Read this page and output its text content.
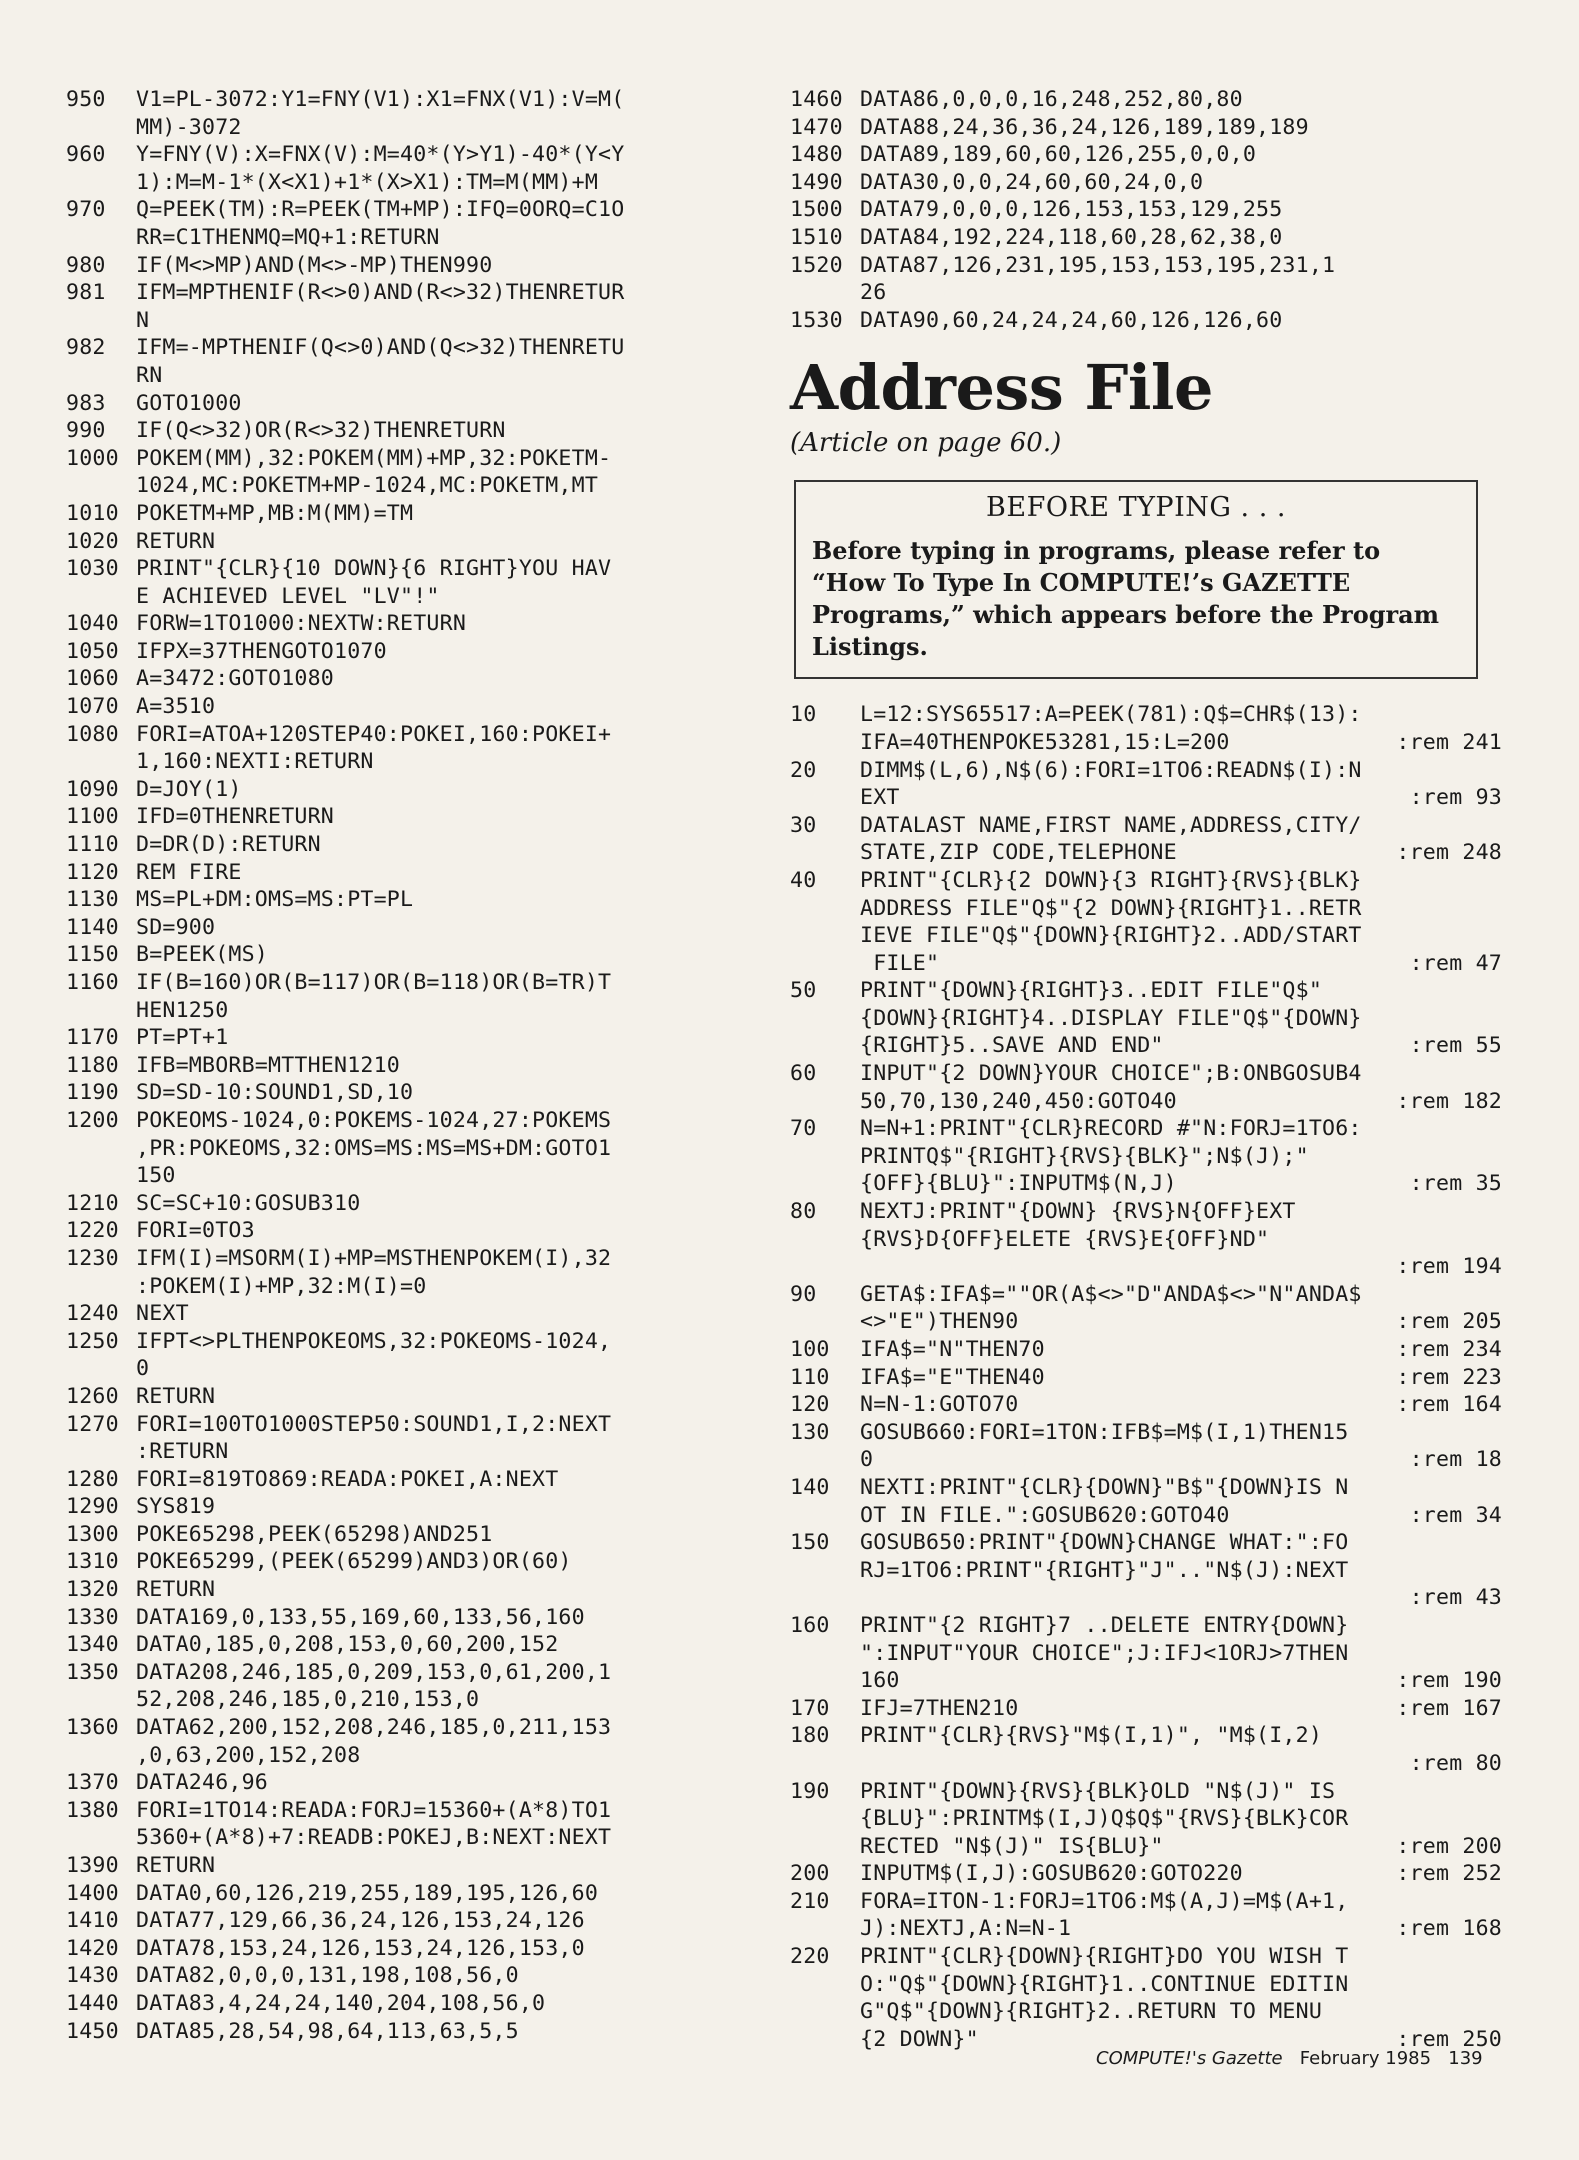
950	V1=PL-3072:Y1=FNY(V1):X1=FNX(V1):V=M(
MM)-3072
960	Y=FNY(V):X=FNX(V):M=40*(Y>Y1)-40*(Y<Y
1):M=M-1*(X<X1)+1*(X>X1):TM=M(MM)+M
970	Q=PEEK(TM):R=PEEK(TM+MP):IFQ=0ORQ=C1O
RR=C1THENMQ=MQ+1:RETURN
980	IF(M<>MP)AND(M<>-MP)THEN990
981	IFM=MPTHENIF(R<>0)AND(R<>32)THENRETUR
N
982	IFM=-MPTHENIF(Q<>0)AND(Q<>32)THENRETU
RN
983	GOTO1000
990	IF(Q<>32)OR(R<>32)THENRETURN
1000 POKEM(MM),32:POKEM(MM)+MP,32:POKETM-
1024,MC:POKETM+MP-1024,MC:POKETM,MT
1010 POKETM+MP,MB:M(MM)=TM
1020 RETURN
1030 PRINT"{CLR}{10 DOWN}{6 RIGHT}YOU HAV
E ACHIEVED LEVEL "LV"!"
1040 FORW=1TO1000:NEXTW:RETURN
1050 IFPX=37THENGOTO1070
1060 A=3472:GOTO1080
1070 A=3510
1080 FORI=ATOA+120STEP40:POKEI,160:POKEI+
1,160:NEXTI:RETURN
1090 D=JOY(1)
1100 IFD=0THENRETURN
1110 D=DR(D):RETURN
1120 REM FIRE
1130 MS=PL+DM:OMS=MS:PT=PL
1140 SD=900
1150 B=PEEK(MS)
1160 IF(B=160)OR(B=117)OR(B=118)OR(B=TR)T
HEN1250
1170 PT=PT+1
1180 IFB=MBORB=MTTHEN1210
1190 SD=SD-10:SOUND1,SD,10
1200 POKEOMS-1024,0:POKEMS-1024,27:POKEMS
,PR:POKEOMS,32:OMS=MS:MS=MS+DM:GOTO1
150
1210 SC=SC+10:GOSUB310
1220 FORI=0TO3
1230 IFM(I)=MSORM(I)+MP=MSTHENPOKEM(I),32
:POKEM(I)+MP,32:M(I)=0
1240 NEXT
1250 IFPT<>PLTHENPOKEOMS,32:POKEOMS-1024,
0
1260 RETURN
1270 FORI=100TO1000STEP50:SOUND1,I,2:NEXT
:RETURN
1280 FORI=819TO869:READA:POKEI,A:NEXT
1290 SYS819
1300 POKE65298,PEEK(65298)AND251
1310 POKE65299,(PEEK(65299)AND3)OR(60)
1320 RETURN
1330 DATA169,0,133,55,169,60,133,56,160
1340 DATA0,185,0,208,153,0,60,200,152
1350 DATA208,246,185,0,209,153,0,61,200,1
52,208,246,185,0,210,153,0
1360 DATA62,200,152,208,246,185,0,211,153
,0,63,200,152,208
1370 DATA246,96
1380 FORI=1TO14:READA:FORJ=15360+(A*8)TO1
5360+(A*8)+7:READB:POKEJ,B:NEXT:NEXT
1390 RETURN
1400 DATA0,60,126,219,255,189,195,126,60
1410 DATA77,129,66,36,24,126,153,24,126
1420 DATA78,153,24,126,153,24,126,153,0
1430 DATA82,0,0,0,131,198,108,56,0
1440 DATA83,4,24,24,140,204,108,56,0
1450 DATA85,28,54,98,64,113,63,5,5
1460 DATA86,0,0,0,16,248,252,80,80
1470 DATA88,24,36,36,24,126,189,189,189
1480 DATA89,189,60,60,126,255,0,0,0
1490 DATA30,0,0,24,60,60,24,0,0
1500 DATA79,0,0,0,126,153,153,129,255
1510 DATA84,192,224,118,60,28,62,38,0
1520 DATA87,126,231,195,153,153,195,231,1
26
1530 DATA90,60,24,24,24,60,126,126,60
Address File
(Article on page 60.)
BEFORE TYPING . . .
Before typing in programs, please refer to “How To Type In COMPUTE!’s GAZETTE Programs,” which appears before the Program Listings.
10	L=12:SYS65517:A=PEEK(781):Q$=CHR$(13):
IFA=40THENPOKE53281,15:L=200	:rem 241
20	DIMM$(L,6),N$(6):FORI=1TO6:READN$(I):N
EXT	:rem 93
30	DATALAST NAME,FIRST NAME,ADDRESS,CITY/
STATE,ZIP CODE,TELEPHONE	:rem 248
40	PRINT"{CLR}{2 DOWN}{3 RIGHT}{RVS}{BLK}
ADDRESS FILE"Q$"{2 DOWN}{RIGHT}1..RETR
IEVE FILE"Q$"{DOWN}{RIGHT}2..ADD/START
FILE"	:rem 47
50	PRINT"{DOWN}{RIGHT}3..EDIT FILE"Q$"
{DOWN}{RIGHT}4..DISPLAY FILE"Q$"{DOWN}
{RIGHT}5..SAVE AND END"	:rem 55
60	INPUT"{2 DOWN}YOUR CHOICE";B:ONBGOSUB4
50,70,130,240,450:GOTO40	:rem 182
70	N=N+1:PRINT"{CLR}RECORD #"N:FORJ=1TO6:
PRINTQ$"{RIGHT}{RVS}{BLK}";N$(J);"
{OFF}{BLU}":INPUTM$(N,J)	:rem 35
80	NEXTJ:PRINT"{DOWN} {RVS}N{OFF}EXT
{RVS}D{OFF}ELETE {RVS}E{OFF}ND"
:rem 194
90	GETA$:IFA$=""OR(A$<>"D"ANDA$<>"N"ANDA$
<>"E")THEN90	:rem 205
100	IFA$="N"THEN70	:rem 234
110	IFA$="E"THEN40	:rem 223
120	N=N-1:GOTO70	:rem 164
130	GOSUB660:FORI=1TON:IFB$=M$(I,1)THEN15
0	:rem 18
140	NEXTI:PRINT"{CLR}{DOWN}"B$"{DOWN}IS N
OT IN FILE.":GOSUB620:GOTO40	:rem 34
150	GOSUB650:PRINT"{DOWN}CHANGE WHAT:":FO
RJ=1TO6:PRINT"{RIGHT}"J".."N$(J):NEXT
:rem 43
160	PRINT"{2 RIGHT}7 ..DELETE ENTRY{DOWN}
":INPUT"YOUR CHOICE";J:IFJ<1ORJ>7THEN
160	:rem 190
170	IFJ=7THEN210	:rem 167
180	PRINT"{CLR}{RVS}"M$(I,1)", "M$(I,2)
:rem 80
190	PRINT"{DOWN}{RVS}{BLK}OLD "N$(J)" IS
{BLU}":PRINTM$(I,J)Q$Q$"{RVS}{BLK}COR
RECTED "N$(J)" IS{BLU}"	:rem 200
200	INPUTM$(I,J):GOSUB620:GOTO220	:rem 252
210	FORA=ITON-1:FORJ=1TO6:M$(A,J)=M$(A+1,
J):NEXTJ,A:N=N-1	:rem 168
220	PRINT"{CLR}{DOWN}{RIGHT}DO YOU WISH T
O:"Q$"{DOWN}{RIGHT}1..CONTINUE EDITIN
G"Q$"{DOWN}{RIGHT}2..RETURN TO MENU
{2 DOWN}"	:rem 250
COMPUTE!'s Gazette February 1985 139
